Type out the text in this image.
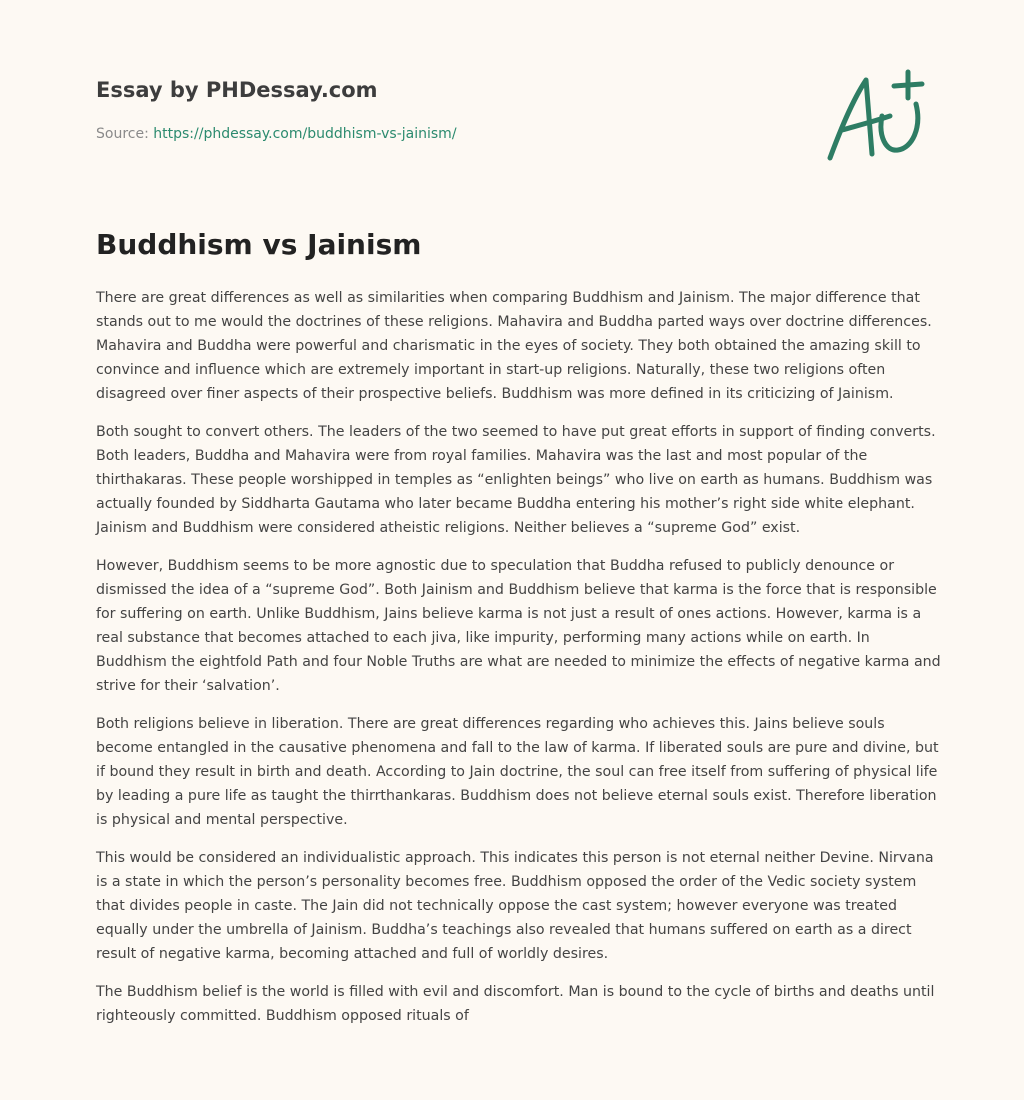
Essay by PHDessay.com
Source: https://phdessay.com/buddhism-vs-jainism/
Buddhism vs Jainism

There are great differences as well as similarities when comparing Buddhism and Jainism. The major difference that stands out to me would the doctrines of these religions. Mahavira and Buddha parted ways over doctrine differences. Mahavira and Buddha were powerful and charismatic in the eyes of society. They both obtained the amazing skill to convince and influence which are extremely important in start-up religions. Naturally, these two religions often disagreed over finer aspects of their prospective beliefs. Buddhism was more defined in its criticizing of Jainism.

Both sought to convert others. The leaders of the two seemed to have put great efforts in support of finding converts. Both leaders, Buddha and Mahavira were from royal families. Mahavira was the last and most popular of the thirthakaras. These people worshipped in temples as “enlighten beings” who live on earth as humans. Buddhism was actually founded by Siddharta Gautama who later became Buddha entering his mother’s right side white elephant. Jainism and Buddhism were considered atheistic religions. Neither believes a “supreme God” exist.

However, Buddhism seems to be more agnostic due to speculation that Buddha refused to publicly denounce or dismissed the idea of a “supreme God”. Both Jainism and Buddhism believe that karma is the force that is responsible for suffering on earth. Unlike Buddhism, Jains believe karma is not just a result of ones actions. However, karma is a real substance that becomes attached to each jiva, like impurity, performing many actions while on earth. In Buddhism the eightfold Path and four Noble Truths are what are needed to minimize the effects of negative karma and strive for their ‘salvation’.

Both religions believe in liberation. There are great differences regarding who achieves this. Jains believe souls become entangled in the causative phenomena and fall to the law of karma. If liberated souls are pure and divine, but if bound they result in birth and death. According to Jain doctrine, the soul can free itself from suffering of physical life by leading a pure life as taught the thirrthankaras. Buddhism does not believe eternal souls exist. Therefore liberation is physical and mental perspective.

This would be considered an individualistic approach. This indicates this person is not eternal neither Devine. Nirvana is a state in which the person’s personality becomes free. Buddhism opposed the order of the Vedic society system that divides people in caste. The Jain did not technically oppose the cast system; however everyone was treated equally under the umbrella of Jainism. Buddha’s teachings also revealed that humans suffered on earth as a direct result of negative karma, becoming attached and full of worldly desires.

The Buddhism belief is the world is filled with evil and discomfort. Man is bound to the cycle of births and deaths until righteously committed. Buddhism opposed rituals of
